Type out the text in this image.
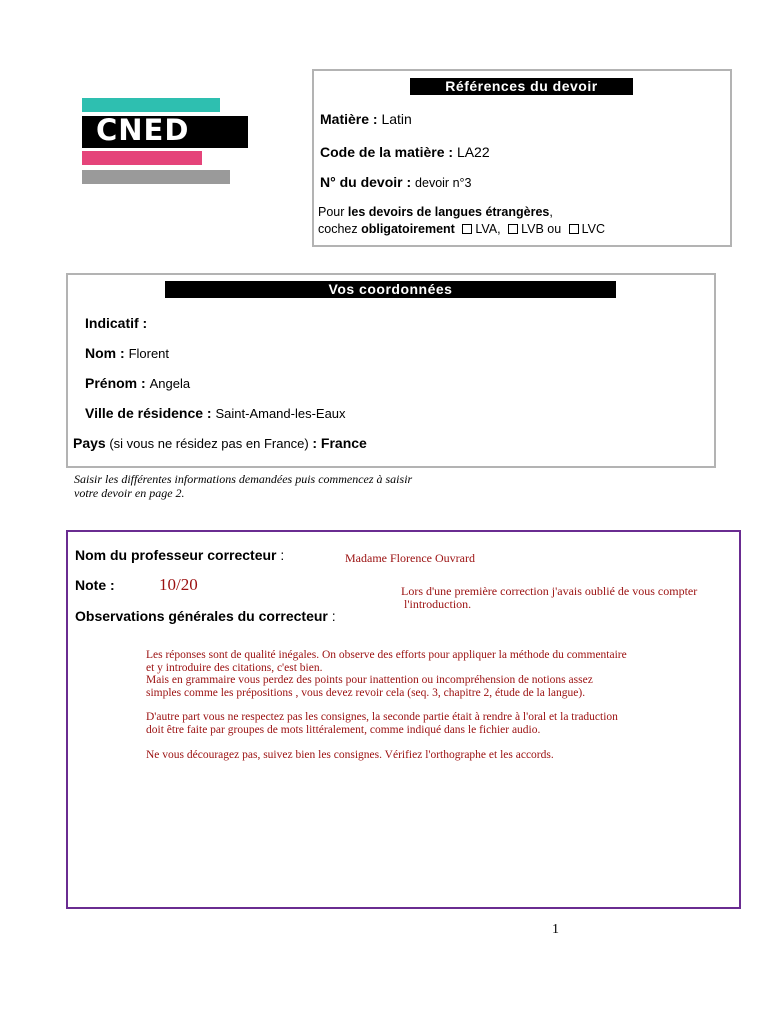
CNED
Références du devoir
Matière : Latin
Code de la matière : LA22
N° du devoir : devoir n°3
Pour les devoirs de langues étrangères,
cochez obligatoirement LVA, LVB ou LVC
Vos coordonnées
Indicatif :
Nom : Florent
Prénom : Angela
Ville de résidence : Saint-Amand-les-Eaux
Pays (si vous ne résidez pas en France) : France
Saisir les différentes informations demandées puis commencez à saisir
votre devoir en page 2.
Nom du professeur correcteur :	Madame Florence Ouvrard
Note :	10/20	Lors d'une première correction j'avais oublié de vous compter
l'introduction.
Observations générales du correcteur :

Les réponses sont de qualité inégales. On observe des efforts pour appliquer la méthode du commentaire
et y introduire des citations, c'est bien.
Mais en grammaire vous perdez des points pour inattention ou incompréhension de notions assez
simples comme les prépositions , vous devez revoir cela (seq. 3, chapitre 2, étude de la langue).

D'autre part vous ne respectez pas les consignes, la seconde partie était à rendre à l'oral et la traduction
doit être faite par groupes de mots littéralement, comme indiqué dans le fichier audio.

Ne vous découragez pas, suivez bien les consignes. Vérifiez l'orthographe et les accords.

1
